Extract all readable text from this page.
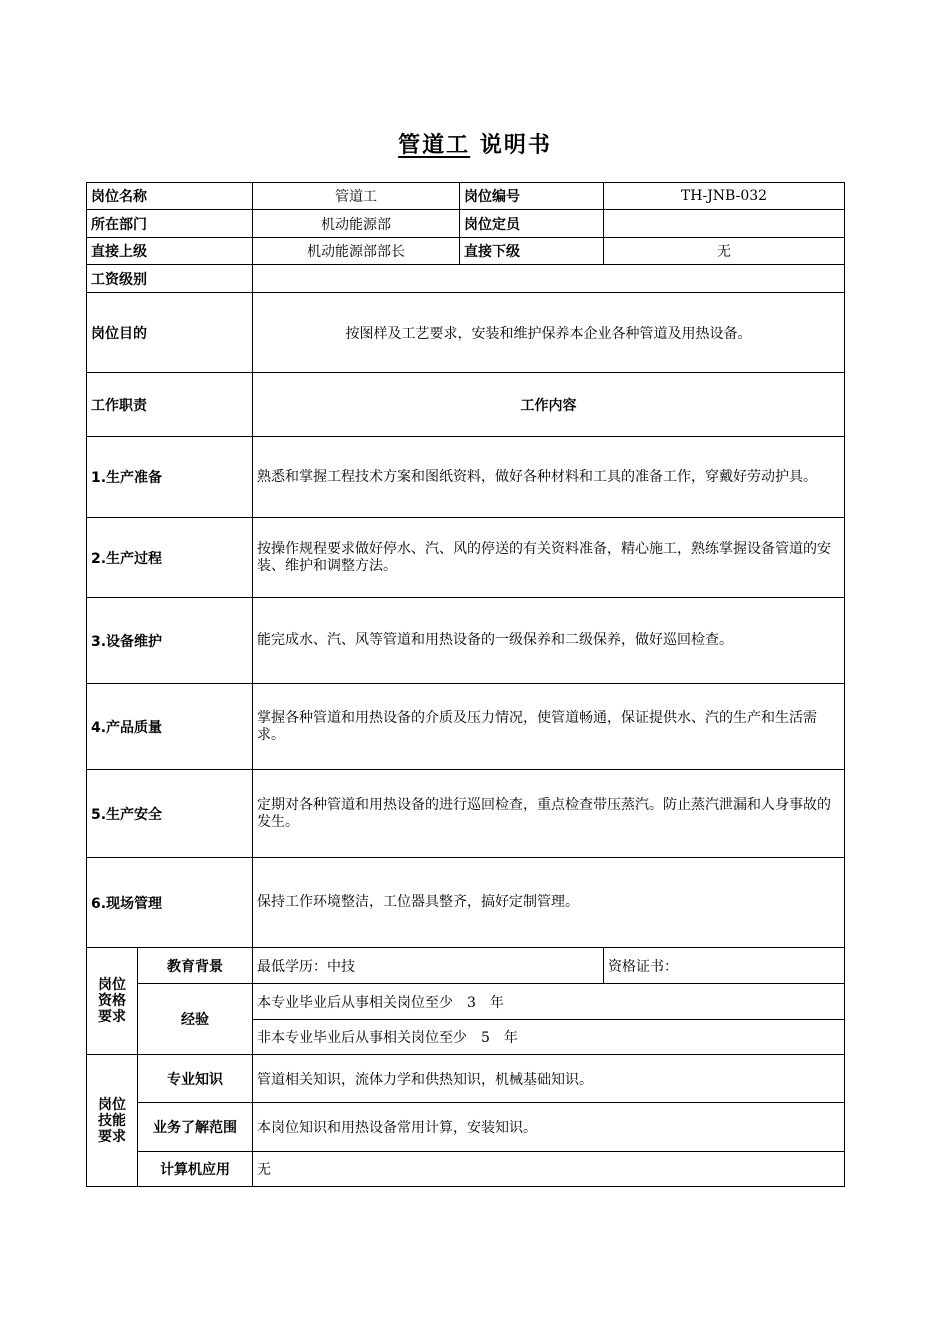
管道工 说明书
岗位名称		管道工	岗位编号	TH-JNB-032
所在部门		机动能源部	岗位定员	
直接上级		机动能源部部长	直接下级	无
工资级别				
岗位目的		按图样及工艺要求，安装和维护保养本企业各种管道及用热设备。		
工作职责		工作内容		
1.生产准备		熟悉和掌握工程技术方案和图纸资料，做好各种材料和工具的准备工作，穿戴好劳动护具。		
2.生产过程		按操作规程要求做好停水、汽、风的停送的有关资料准备，精心施工，熟练掌握设备管道的安装、维护和调整方法。		
3.设备维护		能完成水、汽、风等管道和用热设备的一级保养和二级保养，做好巡回检查。		
4.产品质量		掌握各种管道和用热设备的介质及压力情况，使管道畅通，保证提供水、汽的生产和生活需求。		
5.生产安全		定期对各种管道和用热设备的进行巡回检查，重点检查带压蒸汽。防止蒸汽泄漏和人身事故的发生。		
6.现场管理		保持工作环境整洁，工位器具整齐，搞好定制管理。		
岗位资格要求	教育背景	最低学历：中技		资格证书：
	经验	本专业毕业后从事相关岗位至少　3　年		
		非本专业毕业后从事相关岗位至少　5　年		
岗位技能要求	专业知识	管道相关知识，流体力学和供热知识，机械基础知识。		
	业务了解范围	本岗位知识和用热设备常用计算，安装知识。		
	计算机应用	无		
